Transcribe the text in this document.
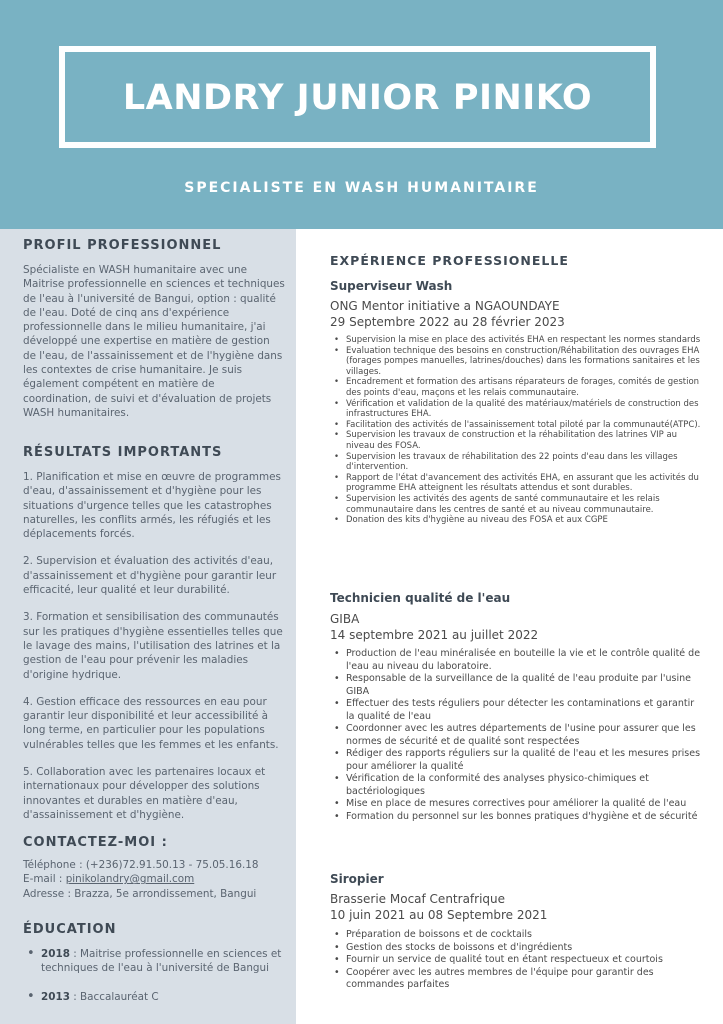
LANDRY JUNIOR PINIKO
SPECIALISTE EN WASH HUMANITAIRE
PROFIL PROFESSIONNEL
Spécialiste en WASH humanitaire avec une Maitrise professionnelle en sciences et techniques de l'eau à l'université de Bangui, option : qualité de l'eau. Doté de cinq ans d'expérience professionnelle dans le milieu humanitaire, j'ai développé une expertise en matière de gestion de l'eau, de l'assainissement et de l'hygiène dans les contextes de crise humanitaire. Je suis également compétent en matière de coordination, de suivi et d'évaluation de projets WASH humanitaires.
RÉSULTATS IMPORTANTS

1. Planification et mise en œuvre de programmes d'eau, d'assainissement et d'hygiène pour les situations d'urgence telles que les catastrophes naturelles, les conflits armés, les réfugiés et les déplacements forcés.

2. Supervision et évaluation des activités d'eau, d'assainissement et d'hygiène pour garantir leur efficacité, leur qualité et leur durabilité.

3. Formation et sensibilisation des communautés sur les pratiques d'hygiène essentielles telles que le lavage des mains, l'utilisation des latrines et la gestion de l'eau pour prévenir les maladies d'origine hydrique.

4. Gestion efficace des ressources en eau pour garantir leur disponibilité et leur accessibilité à long terme, en particulier pour les populations vulnérables telles que les femmes et les enfants.

5. Collaboration avec les partenaires locaux et internationaux pour développer des solutions innovantes et durables en matière d'eau, d'assainissement et d'hygiène.

CONTACTEZ-MOI :
Téléphone : (+236)72.91.50.13 - 75.05.16.18
E-mail : pinikolandry@gmail.com
Adresse : Brazza, 5e arrondissement, Bangui
ÉDUCATION
• 2018 : Maitrise professionnelle en sciences et techniques de l'eau à l'université de Bangui
• 2013 : Baccalauréat C
EXPÉRIENCE PROFESSIONELLE
Superviseur Wash
ONG Mentor initiative a NGAOUNDAYE
29 Septembre 2022 au 28 février 2023
• Supervision la mise en place des activités EHA en respectant les normes standards
• Evaluation technique des besoins en construction/Réhabilitation des ouvrages EHA (forages pompes manuelles, latrines/douches) dans les formations sanitaires et les villages.
• Encadrement et formation des artisans réparateurs de forages, comités de gestion des points d'eau, maçons et les relais communautaire.
• Vérification et validation de la qualité des matériaux/matériels de construction des infrastructures EHA.
• Facilitation des activités de l'assainissement total piloté par la communauté(ATPC).
• Supervision les travaux de construction et la réhabilitation des latrines VIP au niveau des FOSA.
• Supervision les travaux de réhabilitation des 22 points d'eau dans les villages d'intervention.
• Rapport de l'état d'avancement des activités EHA, en assurant que les activités du programme EHA atteignent les résultats attendus et sont durables.
• Supervision les activités des agents de santé communautaire et les relais communautaire dans les centres de santé et au niveau communautaire.
• Donation des kits d'hygiène au niveau des FOSA et aux CGPE
Technicien qualité de l'eau
GIBA
14 septembre 2021 au juillet 2022
• Production de l'eau minéralisée en bouteille la vie et le contrôle qualité de l'eau au niveau du laboratoire.
• Responsable de la surveillance de la qualité de l'eau produite par l'usine GIBA
• Effectuer des tests réguliers pour détecter les contaminations et garantir la qualité de l'eau
• Coordonner avec les autres départements de l'usine pour assurer que les normes de sécurité et de qualité sont respectées
• Rédiger des rapports réguliers sur la qualité de l'eau et les mesures prises pour améliorer la qualité
• Vérification de la conformité des analyses physico-chimiques et bactériologiques
• Mise en place de mesures correctives pour améliorer la qualité de l'eau
• Formation du personnel sur les bonnes pratiques d'hygiène et de sécurité
Siropier
Brasserie Mocaf Centrafrique
10 juin 2021 au 08 Septembre 2021
• Préparation de boissons et de cocktails
• Gestion des stocks de boissons et d'ingrédients
• Fournir un service de qualité tout en étant respectueux et courtois
• Coopérer avec les autres membres de l'équipe pour garantir des commandes parfaites
